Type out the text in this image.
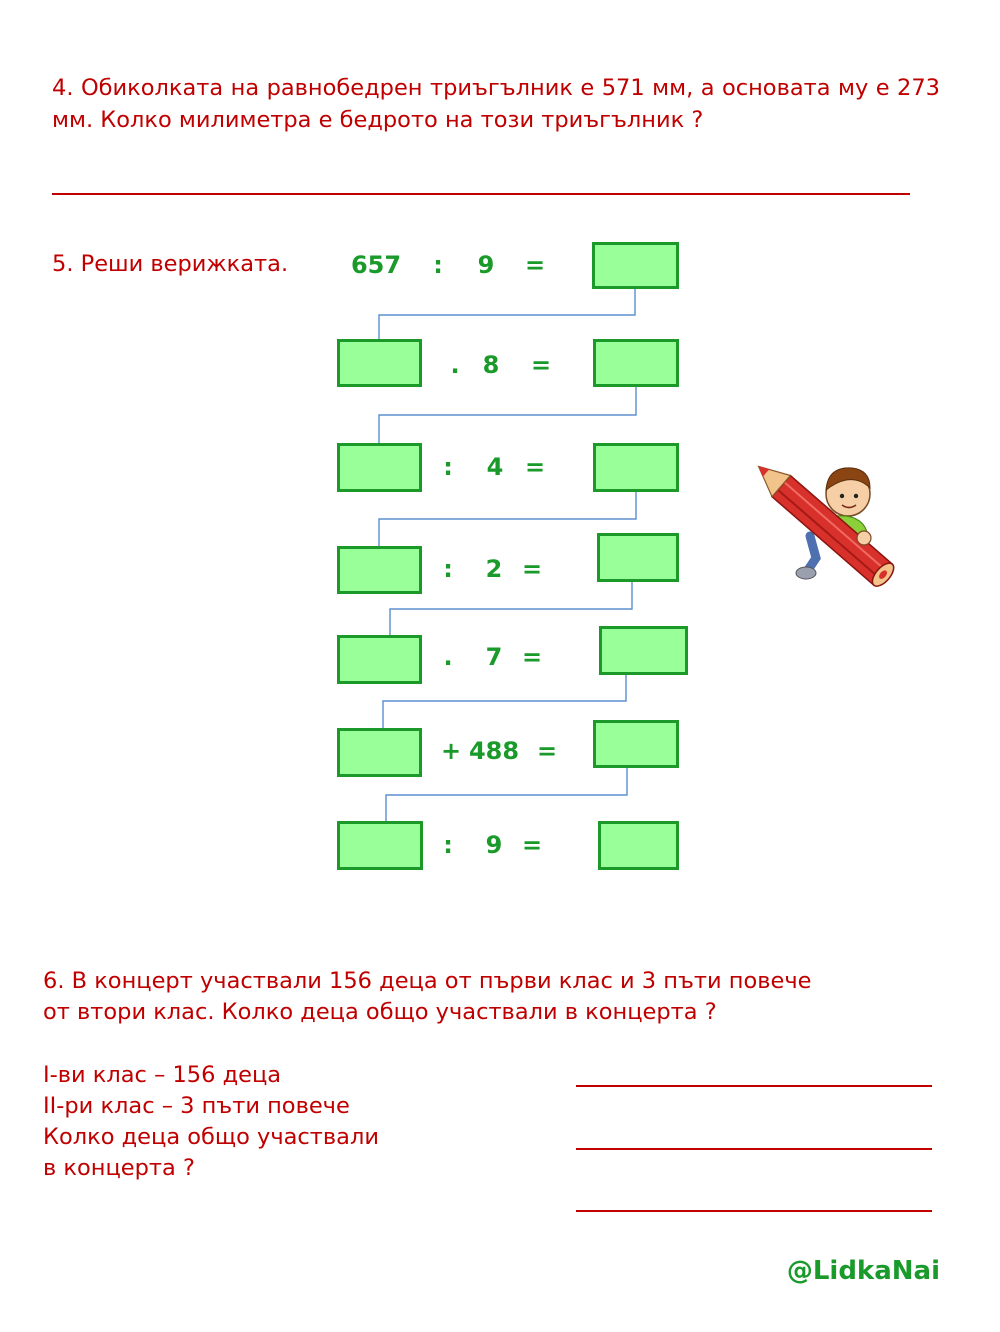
4. Обиколката на равнобедрен триъгълник е 571 мм, а основата му е 273 мм. Колко милиметра е бедрото на този триъгълник ?
5. Реши верижката.	657 : 9 =
. 8 =
: 4 =
: 2 =
. 7 =
+ 488 =
: 9 =
6. В концерт участвали 156 деца от първи клас и 3 пъти повече
от втори клас. Колко деца общо участвали в концерта ?
I-ви клас – 156 деца
II-ри клас – 3 пъти повече
Колко деца общо участвали
в концерта ?
@LidkaNai
